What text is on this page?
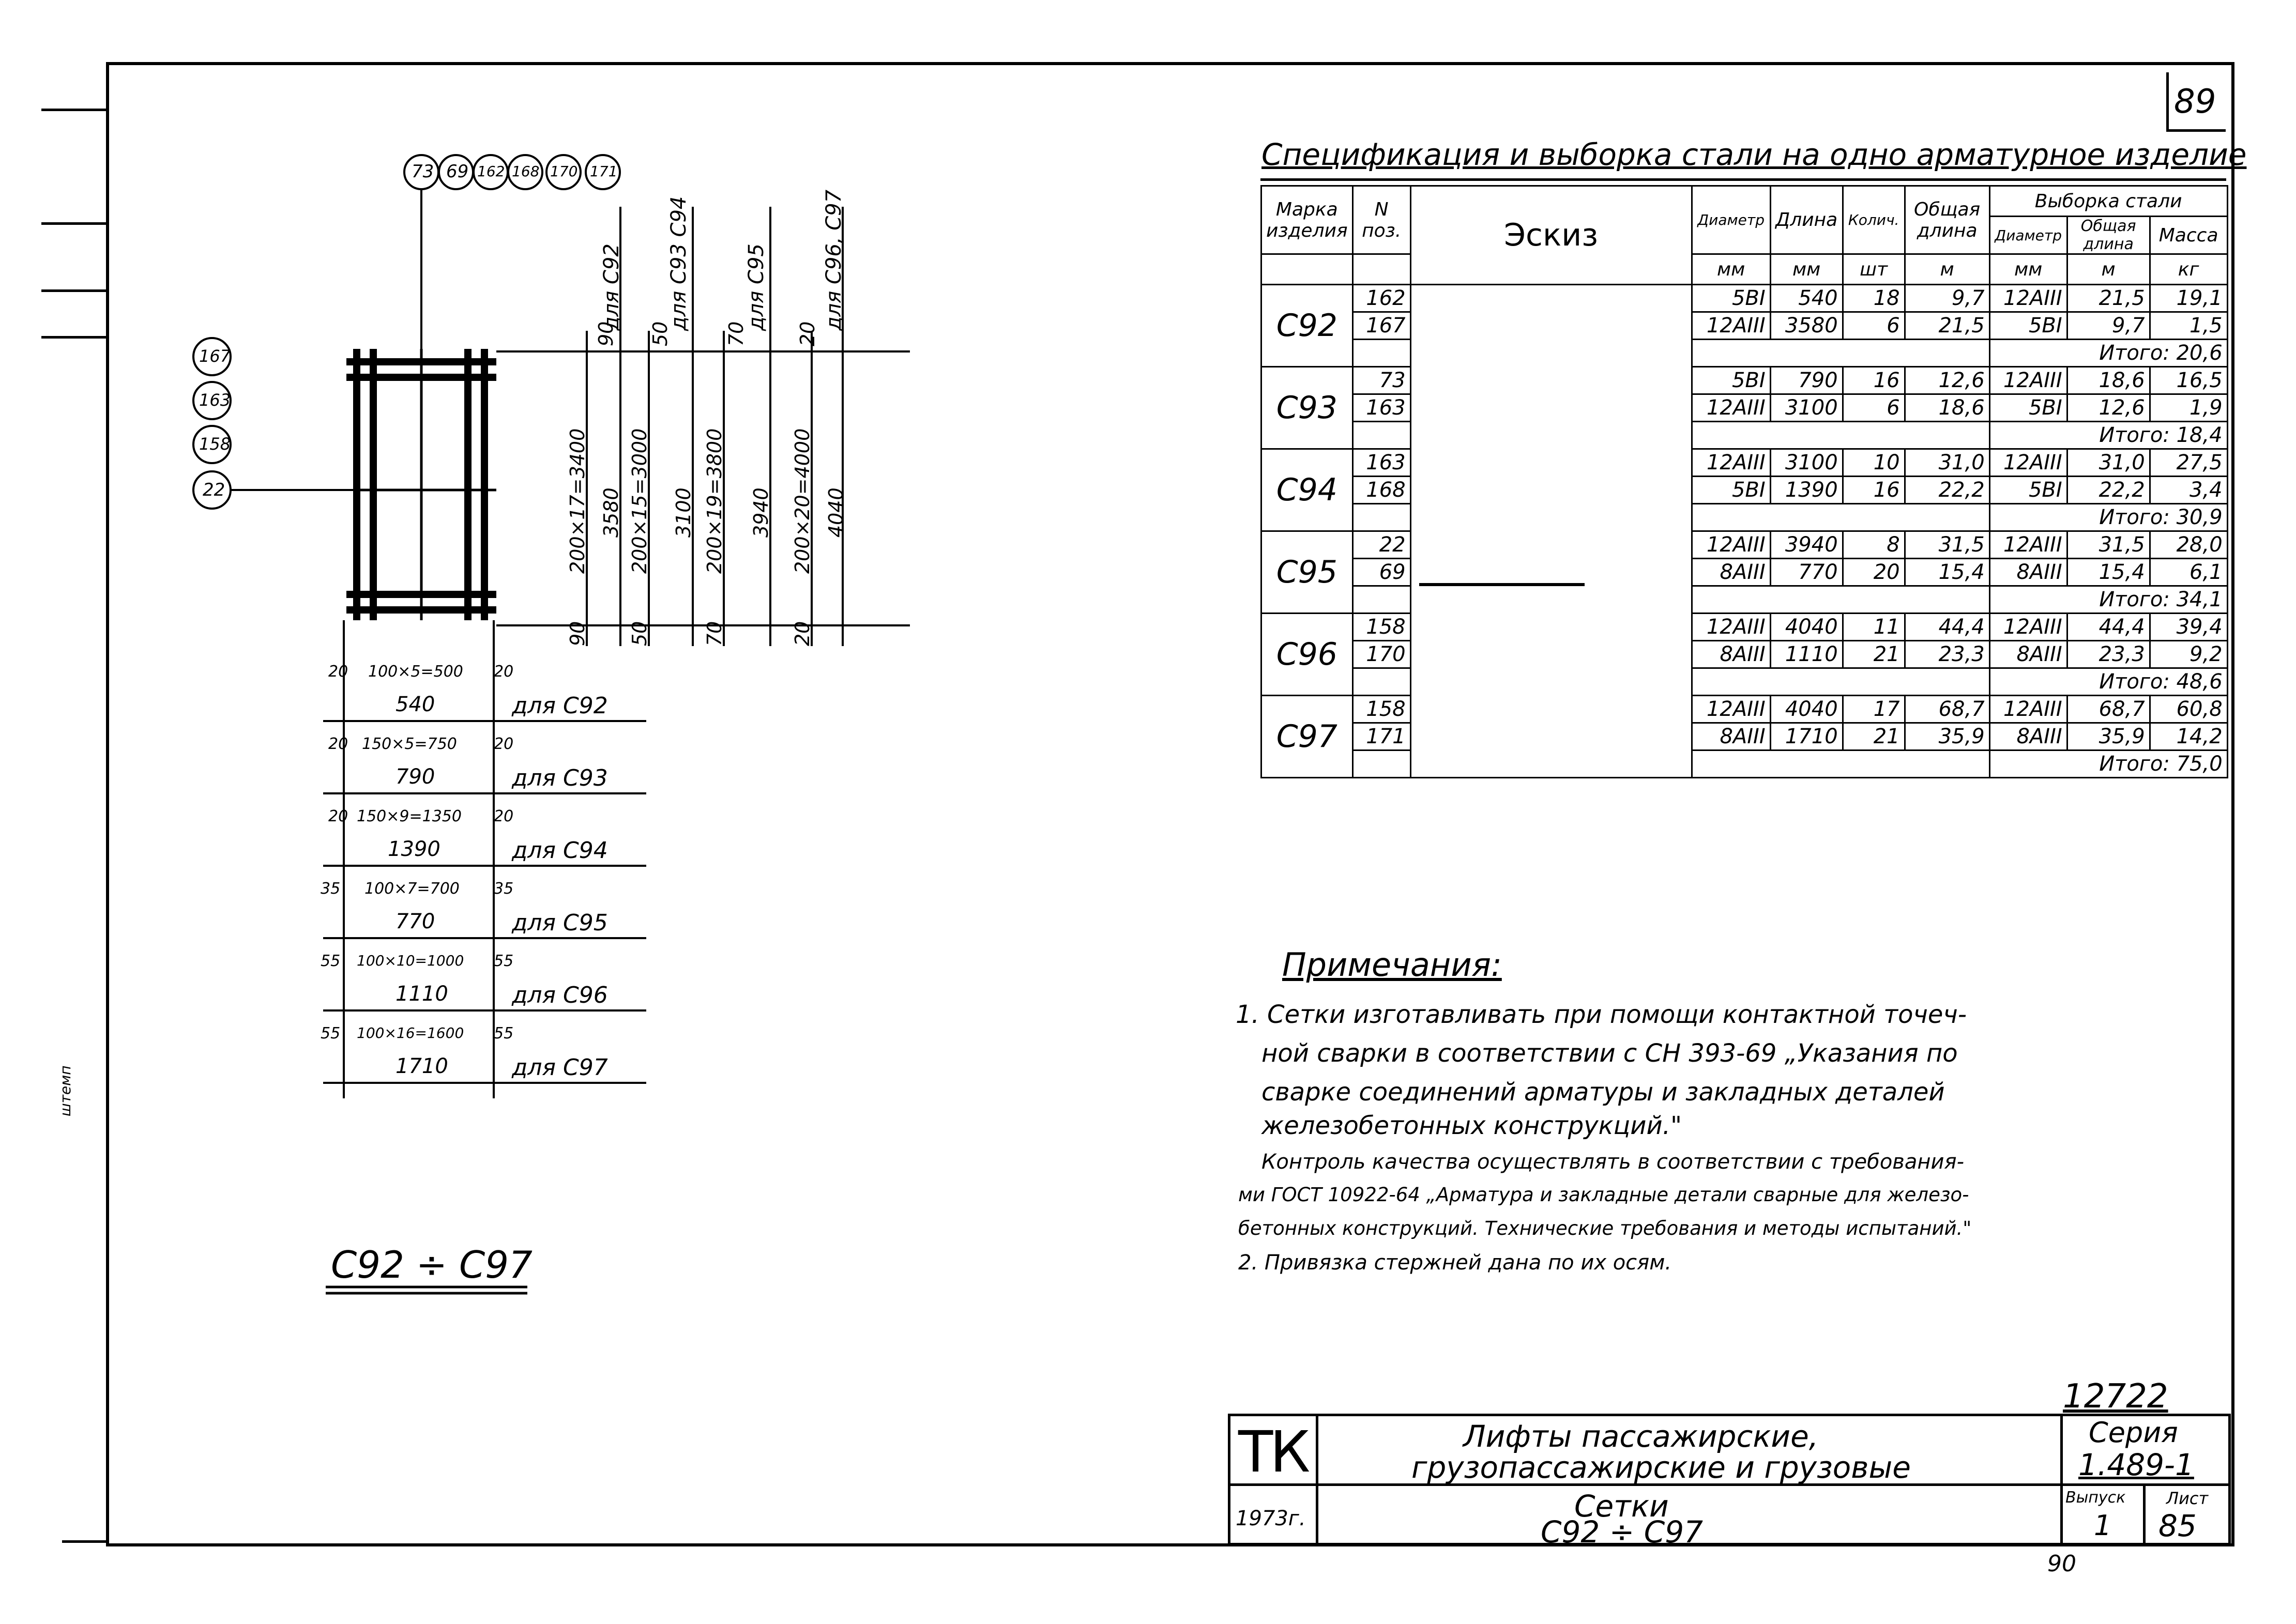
штемп
89
73 69 162 168 170 171
167
163
158
22
90
200×17=3400 3580
90
для С92
50
200×15=3000 3100
50
для С93 С94
70
200×19=3800 3940
70
для С95
20
200×20=4000 4040
20
для С96, С97
20 100×5=500 20
540	для С92
20 150×5=750 20
790	для С93
20 150×9=1350 20
1390	для С94
35 100×7=700 35
770	для С95
55 100×10=1000 55
1110	для С96
55 100×16=1600 55
1710	для С97
С92 ÷ С97
Спецификация и выборка стали на одно арматурное изделие
Марка изделия	N поз.	Эскиз	Диаметр	Длина	Колич.	Общая длина	Выборка стали		
							Диаметр	Общая длина	Масса
			мм	мм	шт	м	мм	м	кг
С92	162		5ВI	540	18	9,7	12АIII	21,5	19,1
	167		12АIII	3580	6	21,5	5ВI	9,7	1,5
							Итого: 20,6		
С93	73		5ВI	790	16	12,6	12АIII	18,6	16,5
	163		12АIII	3100	6	18,6	5ВI	12,6	1,9
							Итого: 18,4		
С94	163		12АIII	3100	10	31,0	12АIII	31,0	27,5
	168		5ВI	1390	16	22,2	5ВI	22,2	3,4
							Итого: 30,9		
С95	22		12АIII	3940	8	31,5	12АIII	31,5	28,0
	69		8АIII	770	20	15,4	8АIII	15,4	6,1
							Итого: 34,1		
С96	158		12АIII	4040	11	44,4	12АIII	44,4	39,4
	170		8АIII	1110	21	23,3	8АIII	23,3	9,2
							Итого: 48,6		
С97	158		12АIII	4040	17	68,7	12АIII	68,7	60,8
	171		8АIII	1710	21	35,9	8АIII	35,9	14,2
							Итого: 75,0		
Примечания:
1. Сетки изготавливать при помощи контактной точеч-
ной сварки в соответствии с СН 393-69 „Указания по
сварке соединений арматуры и закладных деталей
железобетонных конструкций."
Контроль качества осуществлять в соответствии с требования-
ми ГОСТ 10922-64 „Арматура и закладные детали сварные для железо-
бетонных конструкций. Технические требования и методы испытаний."
2. Привязка стержней дана по их осям.
12722
ТК
1973г.
Лифты пассажирские,
грузопассажирские и грузовые
Сетки
С92 ÷ С97
Серия
1.489-1
Выпуск
1
Лист
85
90
